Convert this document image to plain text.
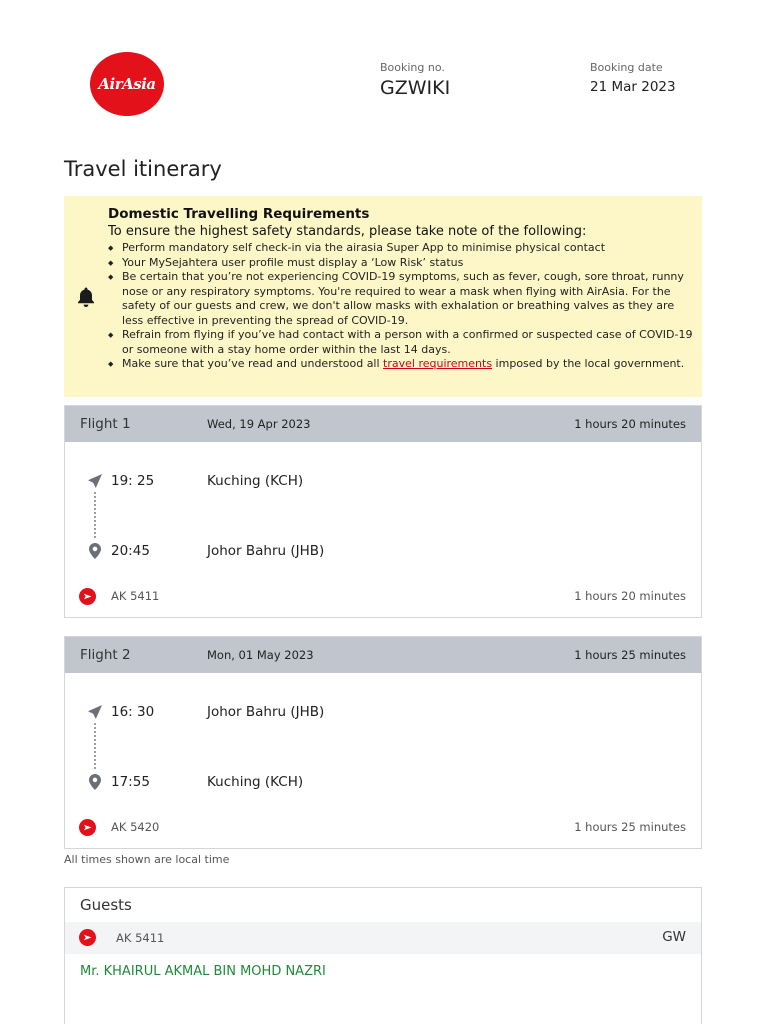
AirAsia
Booking no.
GZWIKI
Booking date
21 Mar 2023
Travel itinerary
Domestic Travelling Requirements
To ensure the highest safety standards, please take note of the following:
◆ Perform mandatory self check-in via the airasia Super App to minimise physical contact
◆ Your MySejahtera user profile must display a ‘Low Risk’ status
◆ Be certain that you’re not experiencing COVID-19 symptoms, such as fever, cough, sore throat, runny nose or any respiratory symptoms. You're required to wear a mask when flying with AirAsia. For the safety of our guests and crew, we don't allow masks with exhalation or breathing valves as they are less effective in preventing the spread of COVID-19.
◆ Refrain from flying if you’ve had contact with a person with a confirmed or suspected case of COVID-19 or someone with a stay home order within the last 14 days.
◆ Make sure that you’ve read and understood all travel requirements imposed by the local government.
Flight 1	Wed, 19 Apr 2023	1 hours 20 minutes
19: 25	Kuching (KCH)
20:45	Johor Bahru (JHB)
AK 5411	1 hours 20 minutes
Flight 2	Mon, 01 May 2023	1 hours 25 minutes
16: 30	Johor Bahru (JHB)
17:55	Kuching (KCH)
AK 5420	1 hours 25 minutes
All times shown are local time
Guests
AK 5411	GW
Mr. KHAIRUL AKMAL BIN MOHD NAZRI
